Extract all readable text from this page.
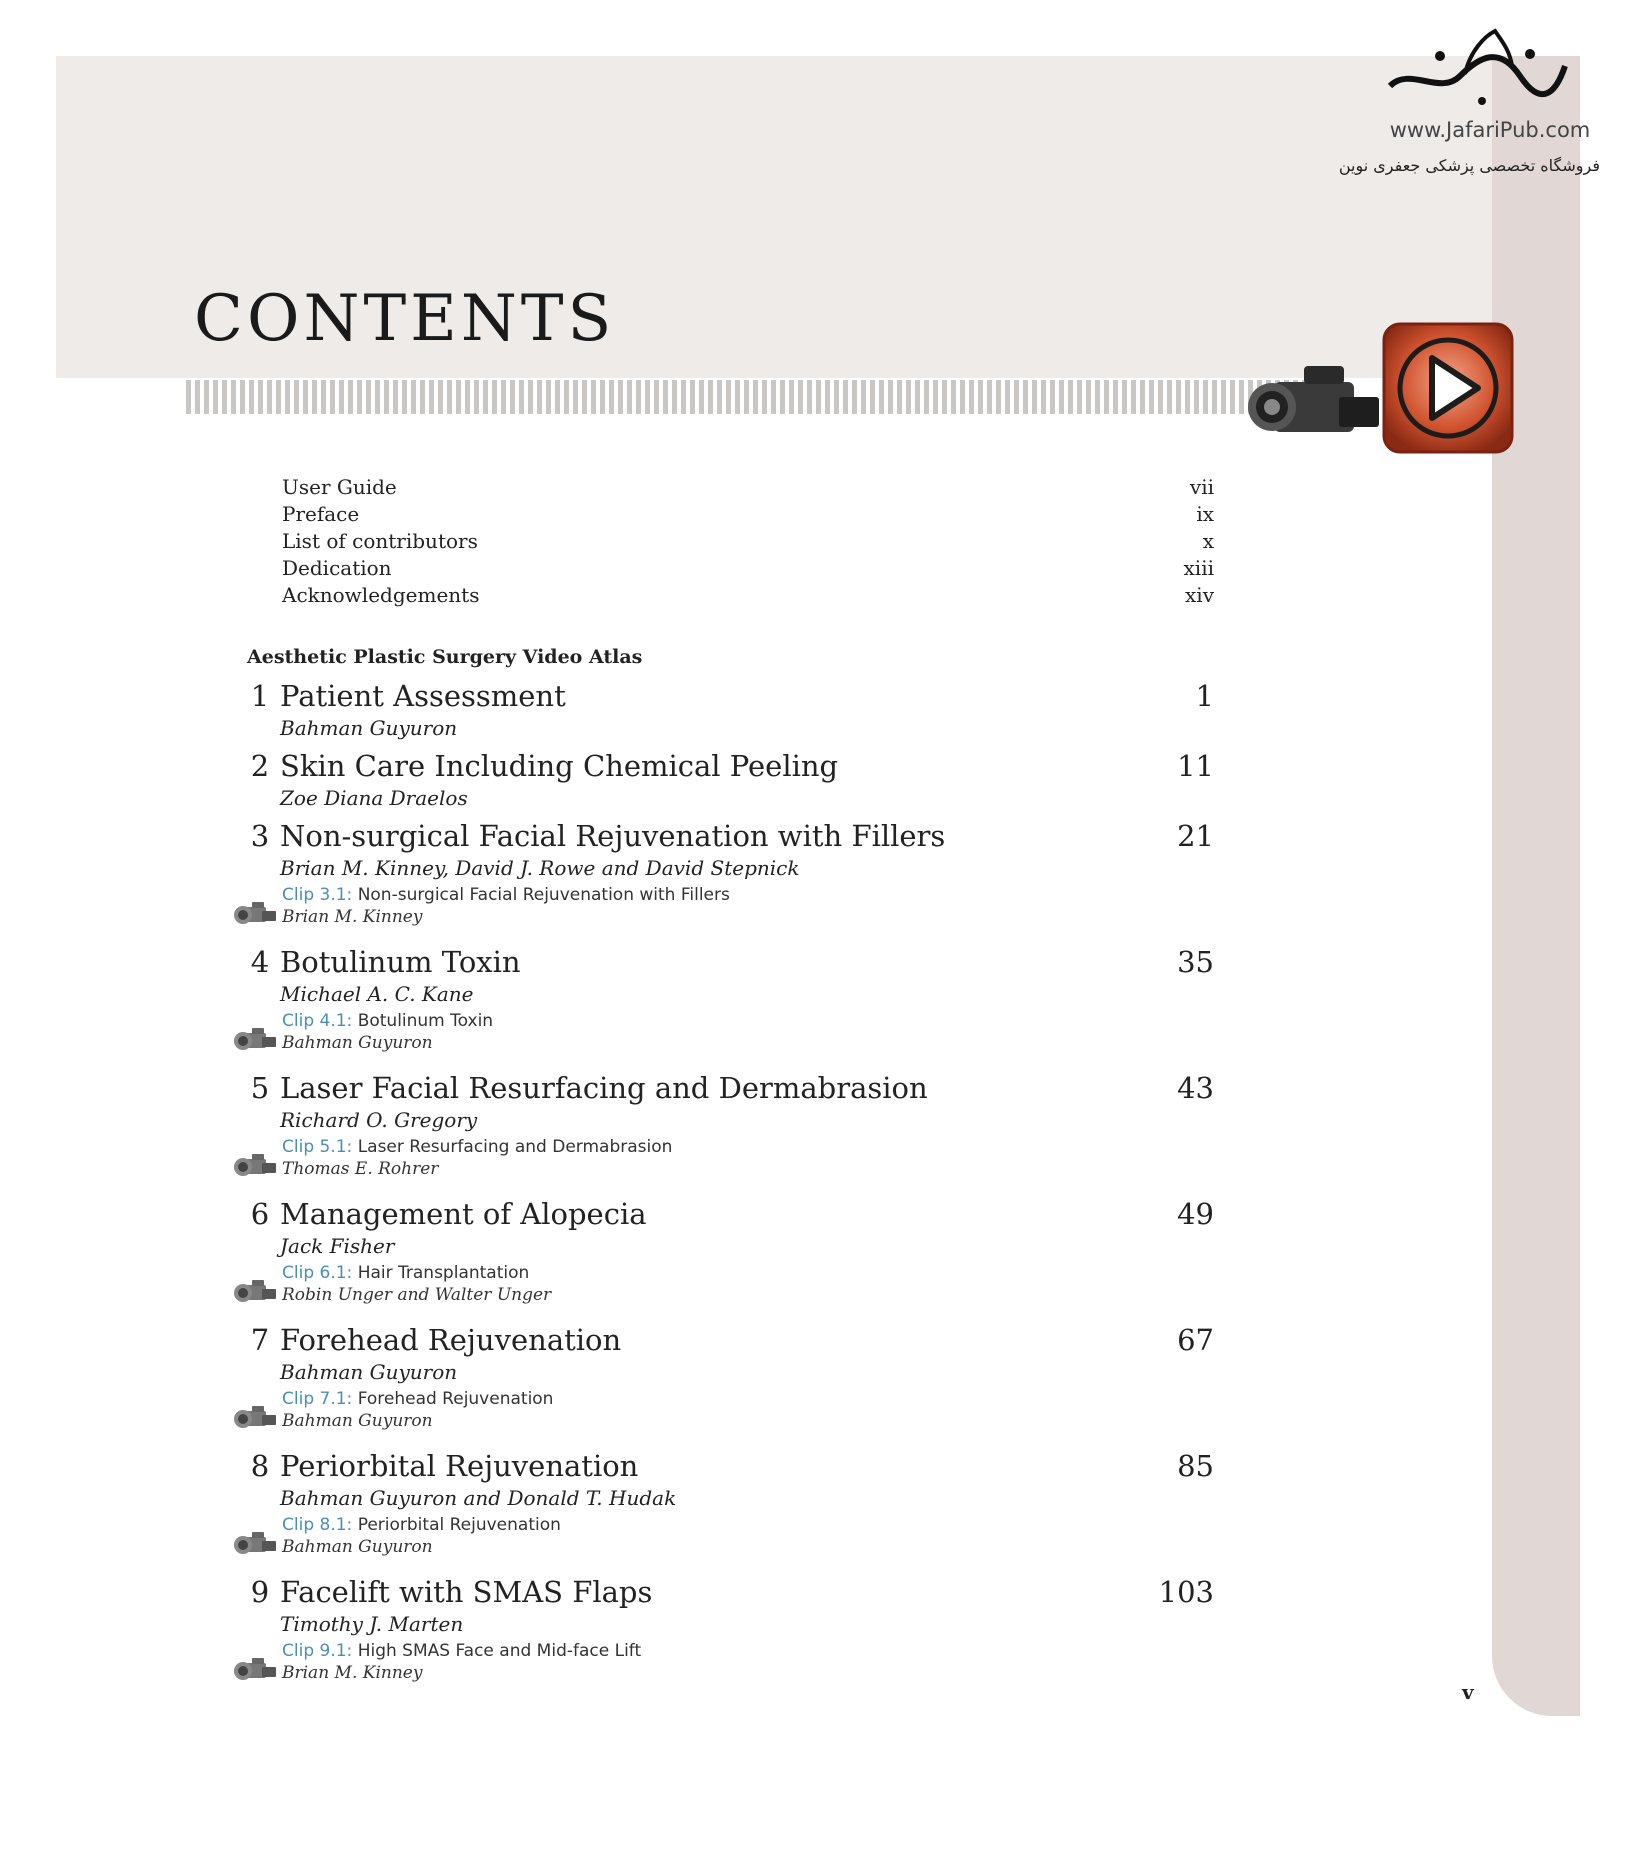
www.JafariPub.com
فروشگاه تخصصی پزشکی جعفری نوین
CONTENTS
User Guide	vii
Preface	ix
List of contributors	x
Dedication	xiii
Acknowledgements	xiv
Aesthetic Plastic Surgery Video Atlas
1 Patient Assessment	1
Bahman Guyuron
2 Skin Care Including Chemical Peeling	11
Zoe Diana Draelos
3 Non-surgical Facial Rejuvenation with Fillers	21
Brian M. Kinney, David J. Rowe and David Stepnick
Clip 3.1: Non-surgical Facial Rejuvenation with Fillers
Brian M. Kinney
4 Botulinum Toxin	35
Michael A. C. Kane
Clip 4.1: Botulinum Toxin
Bahman Guyuron
5 Laser Facial Resurfacing and Dermabrasion	43
Richard O. Gregory
Clip 5.1: Laser Resurfacing and Dermabrasion
Thomas E. Rohrer
6 Management of Alopecia	49
Jack Fisher
Clip 6.1: Hair Transplantation
Robin Unger and Walter Unger
7 Forehead Rejuvenation	67
Bahman Guyuron
Clip 7.1: Forehead Rejuvenation
Bahman Guyuron
8 Periorbital Rejuvenation	85
Bahman Guyuron and Donald T. Hudak
Clip 8.1: Periorbital Rejuvenation
Bahman Guyuron
9 Facelift with SMAS Flaps	103
Timothy J. Marten
Clip 9.1: High SMAS Face and Mid-face Lift
Brian M. Kinney
v
